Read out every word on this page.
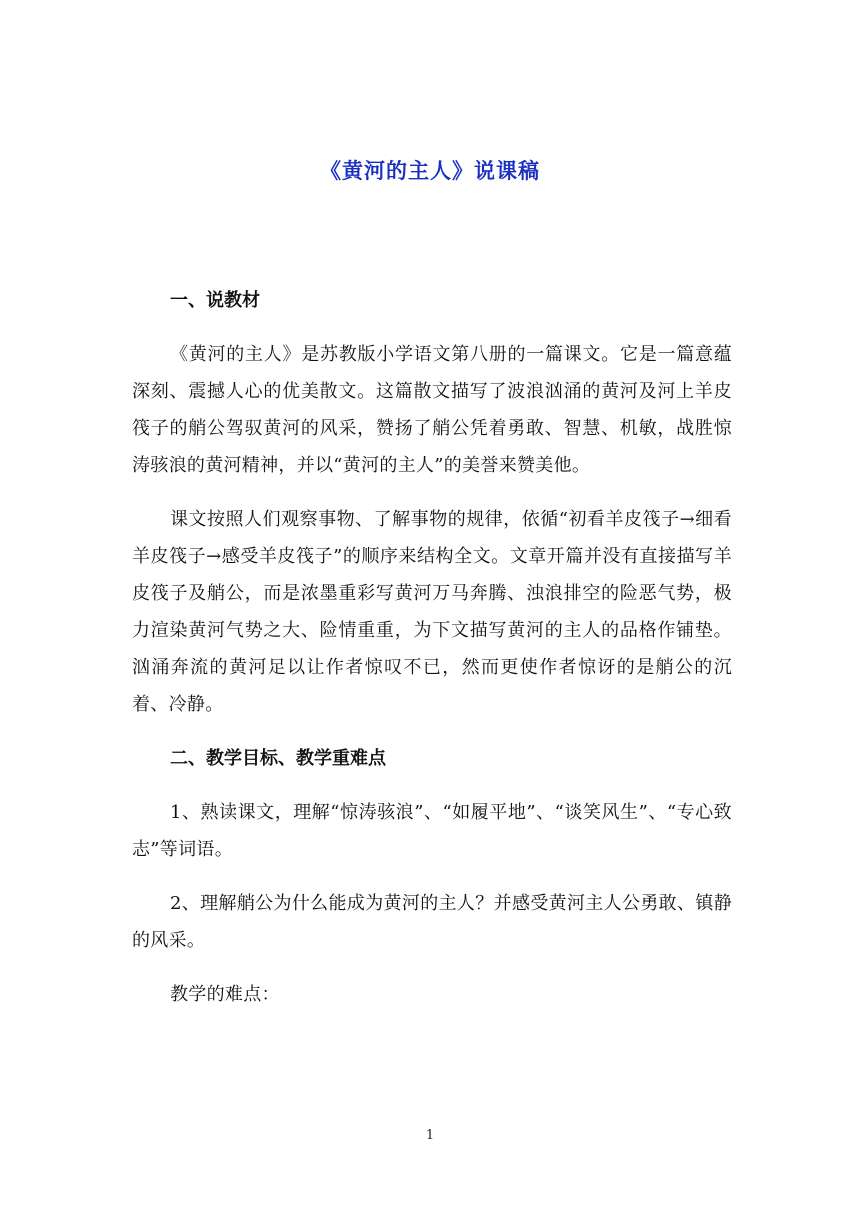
《黄河的主人》说课稿
一、说教材

《黄河的主人》是苏教版小学语文第八册的一篇课文。它是一篇意蕴深刻、震撼人心的优美散文。这篇散文描写了波浪汹涌的黄河及河上羊皮筏子的艄公驾驭黄河的风采，赞扬了艄公凭着勇敢、智慧、机敏，战胜惊涛骇浪的黄河精神，并以“黄河的主人”的美誉来赞美他。

课文按照人们观察事物、了解事物的规律，依循“初看羊皮筏子→细看羊皮筏子→感受羊皮筏子”的顺序来结构全文。文章开篇并没有直接描写羊皮筏子及艄公，而是浓墨重彩写黄河万马奔腾、浊浪排空的险恶气势，极力渲染黄河气势之大、险情重重，为下文描写黄河的主人的品格作铺垫。汹涌奔流的黄河足以让作者惊叹不已，然而更使作者惊讶的是艄公的沉着、冷静。

二、教学目标、教学重难点

1、熟读课文，理解“惊涛骇浪”、“如履平地”、“谈笑风生”、“专心致志”等词语。

2、理解艄公为什么能成为黄河的主人？并感受黄河主人公勇敢、镇静的风采。

教学的难点：

1
